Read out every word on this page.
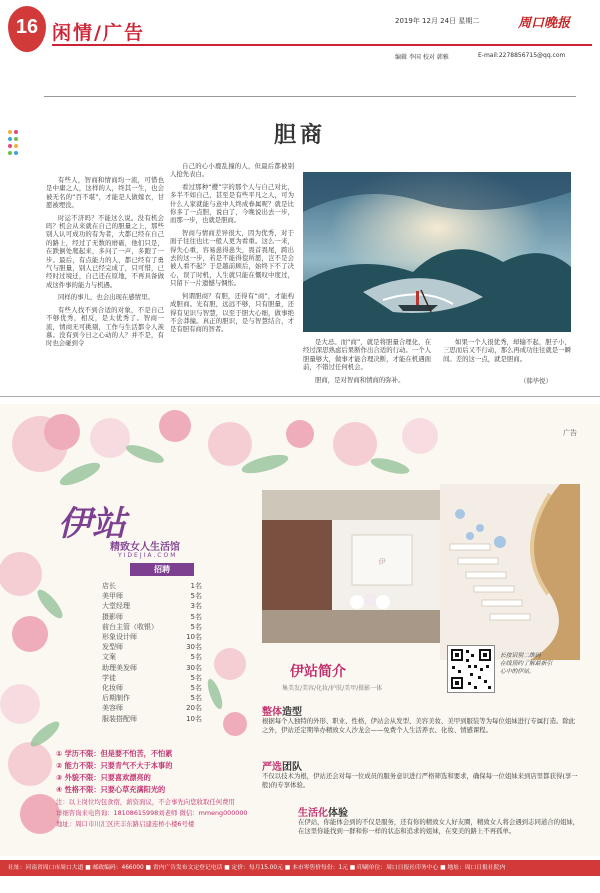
16 闲情/广告
2019年 12月 24日 星期二	周口晚报
编辑 李国 校对 韩雅	E-mail:2278856715@qq.com
胆商

有些人，智商和情商均一流，可惜也是中庸之人，这样的人，终其一生，也会被无名的“百不堪”，才能是人做嫁衣，甘愿被埋没。

时运不济吗？不能这么说。没有机会吗？机会从来就在自己的胆量之上，那些别人认可成功的有为者，大都已经在自己的路上，经过了无数的磨砺，他们只是，在跌倒处爬起来，多问了一声，多跑了一步。最后，有点能力的人，都已经有了勇气与胆量，别人已经完成了，只可惜，已经时过境迁，自己还在原地，不再具备做成这件事的能力与机遇。

同样的事儿，也会出现在感情里。

有些人找不到合适的对象，不是自己不够优秀，相反，是太优秀了。智商一流，情商无可挑剔，工作与生活都令人羡慕。没有到今日之心动的人？并不是，有时也会碰到令

自己的心小鹿乱撞的人，但最后都被别人抢先表白。

看过那种“樱”字的那个人与自己对比，多半不如自己，甚至是有些平凡之人，可为什么人家就能与意中人终成眷属呢？就是比你多了一点胆，说白了，今晚说出去一步，而那一步，也就是胆商。

智商与情商差异很大，因为优秀，对于面子往往也比一般人更为看重。这么一来，得失心重，容易患得患失，畏首畏尾，跨出去的这一步，若是不能得偿所愿，岂不是会被人看不起？于是越前顾后，始终下不了决心，误了时机，人生就只能在慨叹中度过，只留下一片遗憾与惆怅。

何谓胆商？有胆，还得有“商”，才能构成胆商。光有胆，远远不够，只有胆量，还得有见识与智慧，以至于胆大心细，做事绝不会莽撞。真正的胆识，是与智慧结合，才是有胆有商的智者。

是大忌。而“商”，就是将胆量合理化，在经过深思熟虑后果断作出合适的行动。一个人胆量够大，做事才能合理决断，才能在机遇面前，不错过任何机会。

胆商，是对智商和情商的弥补。

如果一个人很优秀，却输不起，胆子小，三思而后又不行动，那么再成功往往就是一瞬间。差的这一点，就是胆商。

（韩毕悦）
广告
伊站
精致女人生活馆
YIDEJIA.COM
招聘
店长	1名
美甲师	5名
大堂经理	3名
摄影师	5名
前台主管（收银）	5名
形象设计师	10名
发型师	30名
文案	5名
助理美发师	30名
学徒	5名
化妆师	5名
后期制作	5名
美容师	20名
服装搭配师	10名
① 学历不限：但是要不怕苦，不怕累
② 能力不限：只要肯气不大于本事的
③ 外貌不限：只要喜欢漂亮的
④ 性格不限：只要心草充满阳光的
注：以上岗位均包食宿，薪资面议，不会事先向您收取任何费用
详细咨询来电咨询：18108615998刘老师 微信：mmeng000000
地址：周口市川汇区庆丰东路启建连桥小楼6号楼
伊
长按识别二维码
在线预约了解最新引
心中的伊站。
伊站简介
集美发/美容/化妆/护肤/美甲/摄影一体
整体造型
根据每个人独特的外形、职业、性格，伊站会从发型、美容美妆、美甲到服装等为每位姐妹进行专属打造。除此之外，伊站还定期举办精致女人沙龙会——免费个人生活养衣、化妆、情感课程。
严选团队
不仅以技术为根，伊站还会对每一位成员的服务意识进行严格筛选和要求，确保每一位姐妹来到店里都获得(享一般)的专享体验。
生活化体验
在伊站，你能体会到的不仅是服务，还有你的精致女人好友圈，精致女人将会遇到志同道合的姐妹，在这里你能找到一群和你一样的状态和追求的姐妹，在变美的路上不再孤单。
社址：河南省周口市周口大道 ■ 邮政编码：466000 ■ 省内广告发布文定登记电话 ■ 定价：每月15.00元 ■ 本市零售价每份：1元 ■ 印刷单位：周口日报社印务中心 ■ 地址：周口日报社院内
